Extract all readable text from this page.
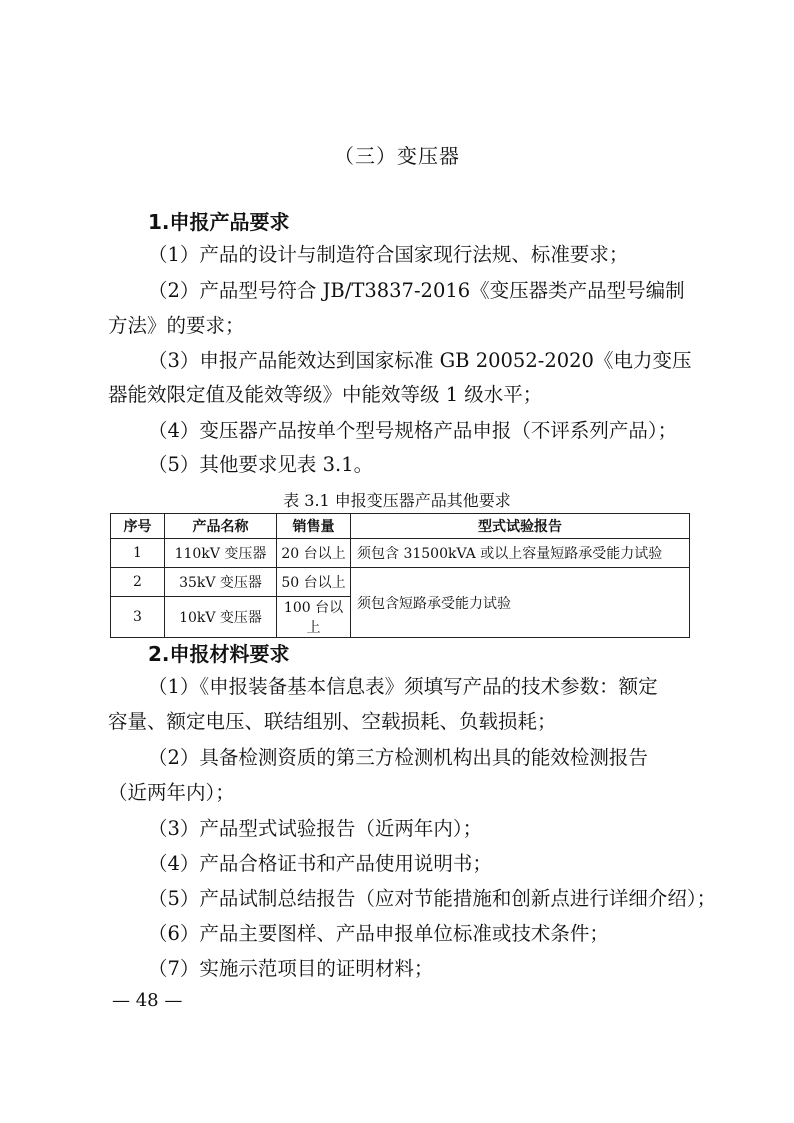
（三）变压器
1.申报产品要求
（1）产品的设计与制造符合国家现行法规、标准要求；
（2）产品型号符合 JB/T3837-2016《变压器类产品型号编制
方法》的要求；
（3）申报产品能效达到国家标准 GB 20052-2020《电力变压
器能效限定值及能效等级》中能效等级 1 级水平；
（4）变压器产品按单个型号规格产品申报（不评系列产品）；
（5）其他要求见表 3.1。
表 3.1 申报变压器产品其他要求
序号	产品名称	销售量	型式试验报告
1	110kV 变压器	20 台以上	须包含 31500kVA 或以上容量短路承受能力试验
2	35kV 变压器	50 台以上	须包含短路承受能力试验
3	10kV 变压器	100 台以上	
2.申报材料要求
（1）《申报装备基本信息表》须填写产品的技术参数：额定
容量、额定电压、联结组别、空载损耗、负载损耗；
（2）具备检测资质的第三方检测机构出具的能效检测报告
（近两年内）；
（3）产品型式试验报告（近两年内）；
（4）产品合格证书和产品使用说明书；
（5）产品试制总结报告（应对节能措施和创新点进行详细介绍）；
（6）产品主要图样、产品申报单位标准或技术条件；
（7）实施示范项目的证明材料；
— 48 —
